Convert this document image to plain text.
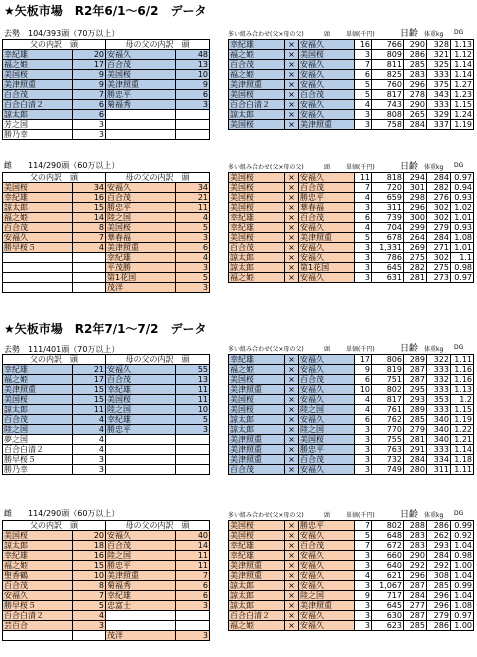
★矢板市場　R2年6/1～6/2　データ
去勢　104/393頭（70万以上）	多い組み合わせ(父×母の父)	頭	単価(千円)	日齢 体重kg DG
父の内訳　頭		母の父の内訳　頭	
幸紀雄	20	安福久	48
福之姫	17	百合茂	13
美国桜	9	美国桜	10
美津照重	9	美津照重	9
百合茂	7	勝忠平	6
百合白清２	6	菊福秀	3
諒太郎	6		
芳之国	3		
勝乃幸	3		
幸紀雄	×	安福久	16	766	290	328	1.13
福之姫	×	美国桜	3	809	286	321	1.12
百合茂	×	安福久	7	811	285	325	1.14
福之姫	×	安福久	6	825	283	333	1.14
美津照重	×	安福久	5	760	296	375	1.27
美国桜	×	百合茂	5	817	278	343	1.23
百合白清２	×	安福久	4	743	290	333	1.15
諒太郎	×	安福久	3	808	265	329	1.24
美国桜	×	美津照重	3	758	284	337	1.19
雌　　114/290頭（60万以上）	多い組み合わせ(父×母の父)	頭	単価(千円)	日齢 体重kg DG
父の内訳　頭		母の父の内訳　頭	
美国桜	34	安福久	34
幸紀雄	16	百合茂	21
諒太郎	15	勝忠平	11
福之姫	14	陸之国	4
百合茂	8	美国桜	5
安福久	7	華春福	3
勝早桜５	4	美津照重	6
		幸紀雄	4
		平茂勝	3
		第1花国	5
		茂洋	3
美国桜	×	安福久	11	818	294	284	0.97
美国桜	×	百合茂	7	720	301	282	0.94
美国桜	×	勝忠平	4	659	298	276	0.93
美国桜	×	華春福	3	311	296	302	1.02
幸紀雄	×	百合茂	6	739	300	302	1.01
幸紀雄	×	安福久	4	704	299	279	0.93
美国桜	×	美津照重	5	678	264	284	1.08
百合茂	×	安福久	3	1,331	269	271	1.01
諒太郎	×	安福久	3	786	275	302	1.1
諒太郎	×	第1花国	3	645	282	275	0.98
福之姫	×	安福久	3	631	281	273	0.97
★矢板市場　R2年7/1～7/2　データ
去勢　111/401頭（70万以上）	多い組み合わせ(父×母の父)	頭	単価(千円)	日齢 体重kg DG
父の内訳　頭		母の父の内訳　頭	
幸紀雄	21	安福久	55
福之姫	17	百合茂	13
美津照重	15	幸紀雄	11
美国桜	15	美国桜	11
諒太郎	11	陸之国	10
百合茂	4	幸紀雄	5
陸之国	4	勝忠平	3
夢之国	4		
百合白清２	4		
勝早桜５	3		
勝乃幸	3		
幸紀雄	×	安福久	17	806	289	322	1.11
福之姫	×	安福久	9	819	287	333	1.16
美国桜	×	百合茂	6	751	287	332	1.16
美津照重	×	安福久	10	802	295	333	1.13
美国桜	×	安福久	4	817	293	353	1.2
美国桜	×	陸之国	4	761	289	333	1.15
諒太郎	×	安福久	6	762	285	340	1.19
諒太郎	×	陸之国	3	770	279	340	1.22
美津照重	×	美国桜	3	755	281	340	1.21
美津照重	×	勝忠平	3	763	291	333	1.14
美津照重	×	百合茂	3	732	284	334	1.18
百合茂	×	安福久	3	749	280	311	1.11
雌　　114/290頭（60万以上）	多い組み合わせ(父×母の父)	頭	単価(千円)	日齢 体重kg DG
父の内訳　頭		母の父の内訳　頭	
美国桜	20	安福久	40
諒太郎	18	百合茂	14
幸紀雄	16	陸之国	11
福之姫	15	勝忠平	11
聖香鶴	10	美津照重	7
百合茂	8	菊福秀	6
安福久	7	幸紀雄	6
勝早桜５	5	忠富士	3
百合白清２	4		
芸百合	3		
		茂洋	3
美国桜	×	勝忠平	7	802	288	286	0.99
美国桜	×	安福久	5	648	283	262	0.92
幸紀雄	×	百合茂	7	672	283	293	1.04
幸紀雄	×	安福久	3	660	290	284	0.98
美津照重	×	安福久	3	640	292	292	1.00
美津照重	×	安福久	4	621	296	308	1.04
諒太郎	×	安福久	3	1,067	287	285	0.99
諒太郎	×	陸之国	9	717	284	296	1.04
諒太郎	×	美津照重	3	645	277	296	1.08
百合白清２	×	安福久	3	630	287	279	0.97
福之姫	×	安福久	3	623	285	286	1.00
